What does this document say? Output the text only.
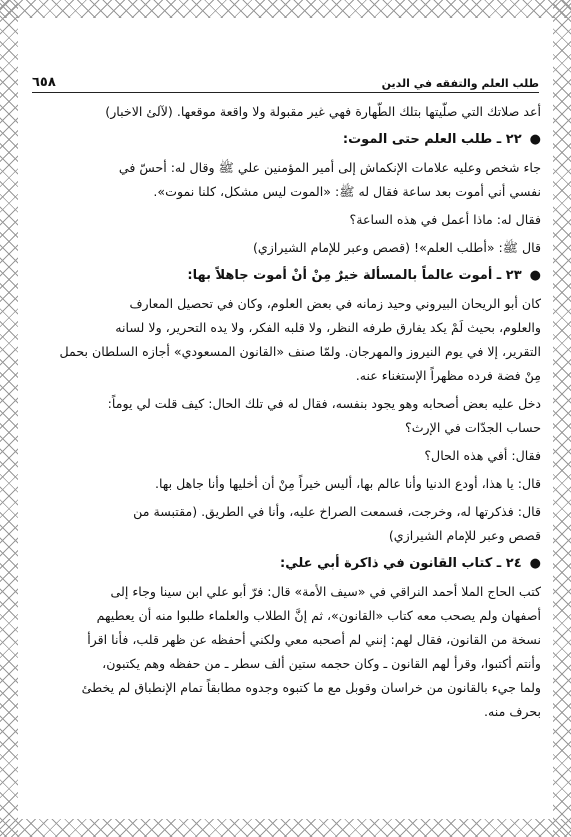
٦٥٨	طلب العلم والتفقه في الدين
أعد صلاتك التي صلّيتها بتلك الطّهارة فهي غير مقبولة ولا واقعة موقعها. (لآلئ الاخبار)
●
٢٢ ـ طلب العلم حتى الموت:
جاء شخص وعليه علامات الإنكماش إلى أمير المؤمنين علي ﷺ وقال له: أحسّ في
نفسي أني أموت بعد ساعة فقال له ﷺ: «الموت ليس مشكل، كلنا نموت».
فقال له: ماذا أعمل في هذه الساعة؟
قال ﷺ: «أطلب العلم»! (قصص وعبر للإمام الشيرازي)
●
٢٣ ـ أموت عالماً بالمسألة خيرٌ مِنْ أنْ أموت جاهلاً بها:
كان أبو الريحان البيروني وحيد زمانه في بعض العلوم، وكان في تحصيل المعارف
والعلوم، بحيث لَمْ يكد يفارق طرفه النظر، ولا قلبه الفكر، ولا يده التحرير، ولا لسانه
التقرير، إلا في يوم النيروز والمهرجان. ولمّا صنف «القانون المسعودي» أجازه السلطان بحمل
مِنْ فضة فرده مظهراً الإستغناء عنه.
دخل عليه بعض أصحابه وهو يجود بنفسه، فقال له في تلك الحال: كيف قلت لي يوماً:
حساب الجدّات في الإرث؟
فقال: أفي هذه الحال؟
قال: يا هذا، أودع الدنيا وأنا عالم بها، أليس خيراً مِنْ أن أخليها وأنا جاهل بها.
قال: فذكرتها له، وخرجت، فسمعت الصراخ عليه، وأنا في الطريق. (مقتبسة من
قصص وعبر للإمام الشيرازي)
●
٢٤ ـ كتاب القانون في ذاكرة أبي علي:
كتب الحاج الملا أحمد النراقي في «سيف الأمة» قال: فرّ أبو علي ابن سينا وجاء إلى
أصفهان ولم يصحب معه كتاب «القانون»، ثم إنَّ الطلاب والعلماء طلبوا منه أن يعطيهم
نسخة من القانون، فقال لهم: إنني لم أصحبه معي ولكني أحفظه عن ظهر قلب، فأنا اقرأ
وأنتم أكتبوا، وقرأ لهم القانون ـ وكان حجمه ستين ألف سطر ـ من حفظه وهم يكتبون،
ولما جيء بالقانون من خراسان وقوبل مع ما كتبوه وجدوه مطابقاً تمام الإنطباق لم يخطئ
بحرف منه.
